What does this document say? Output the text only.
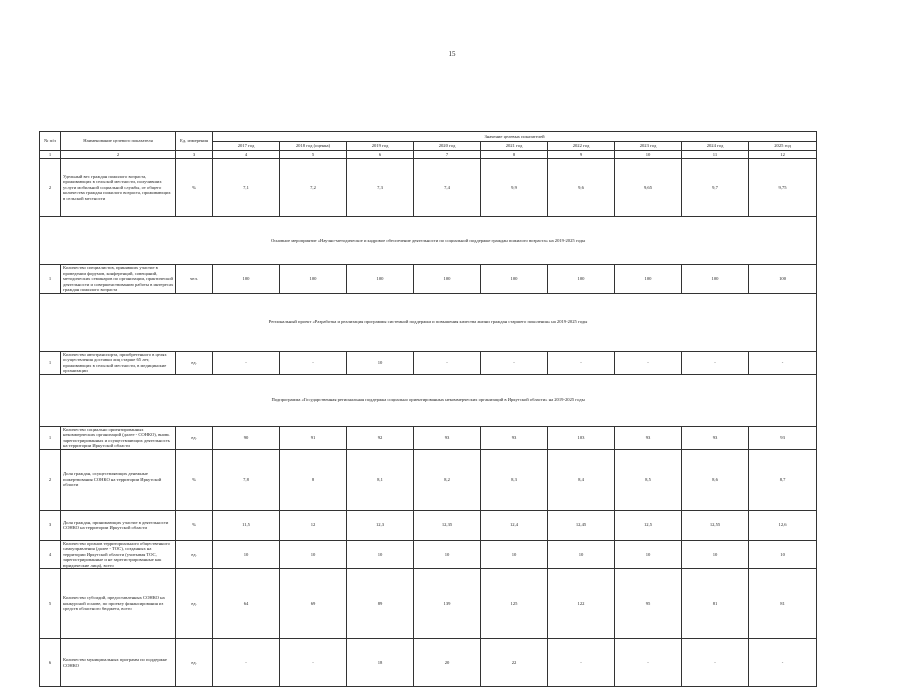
15
№ п/п	Наименование целевого показателя	Ед. измерения	Значение целевых показателей								
			2017 год	2018 год (оценка)	2019 год	2020 год	2021 год	2022 год	2023 год	2024 год	2025 год
1	2	3	4	5	6	7	8	9	10	11	12
2	Удельный вес граждан пожилого возраста, проживающих в сельской местности, получивших услуги мобильной социальной службы, от общего количества граждан пожилого возраста, проживающих в сельской местности	%	7,1	7,2	7,3	7,4	9,9	9,6	9,65	9,7	9,75
Основное мероприятие «Научно-методическое и кадровое обеспечение деятельности по социальной поддержке граждан пожилого возраста» на 2019-2025 годы											
1	Количество специалистов, принявших участие в проведении форумов, конференций, совещаний, методических семинаров по организации, практической деятельности и совершенствованию работы в интересах граждан пожилого возраста	чел.	100	100	100	100	100	100	100	100	100
Региональный проект «Разработка и реализация программы системной поддержки и повышения качества жизни граждан старшего поколения» на 2019-2025 годы											
1	Количество автотранспорта, приобретенного в целях осуществления доставки лиц старше 65 лет, проживающих в сельской местности, в медицинские организации	ед.	-	-	10	-	-	-	-	-	-
Подпрограмма «Государственная региональная поддержка социально ориентированных некоммерческих организаций в Иркутской области» на 2019-2025 годы											
1	Количество социально ориентированных некоммерческих организаций (далее - СОНКО), вновь зарегистрированных и осуществляющих деятельность на территории Иркутской области	ед.	90	91	92	93	93	103	93	93	93
2	Доля граждан, осуществляющих денежные пожертвования СОНКО на территории Иркутской области	%	7,8	8	8,1	8,2	8,3	8,4	8,5	8,6	8,7
3	Доля граждан, принимающих участие в деятельности СОНКО на территории Иркутской области	%	11,5	12	12,3	12,35	12,4	12,45	12,5	12,55	12,6
4	Количество органов территориального общественного самоуправления (далее - ТОС), созданных на территории Иркутской области (учитывая ТОС, зарегистрированные и не зарегистрированные как юридические лица), всего	ед.	10	10	10	10	10	10	10	10	10
5	Количество субсидий, предоставленных СОНКО на конкурсной основе, по проекту финансирования из средств областного бюджета, всего	ед.	64	69	89	139	125	122	95	81	81
6	Количество муниципальных программ по поддержке СОНКО	ед.	-	-	18	20	22	-	-	-	-
